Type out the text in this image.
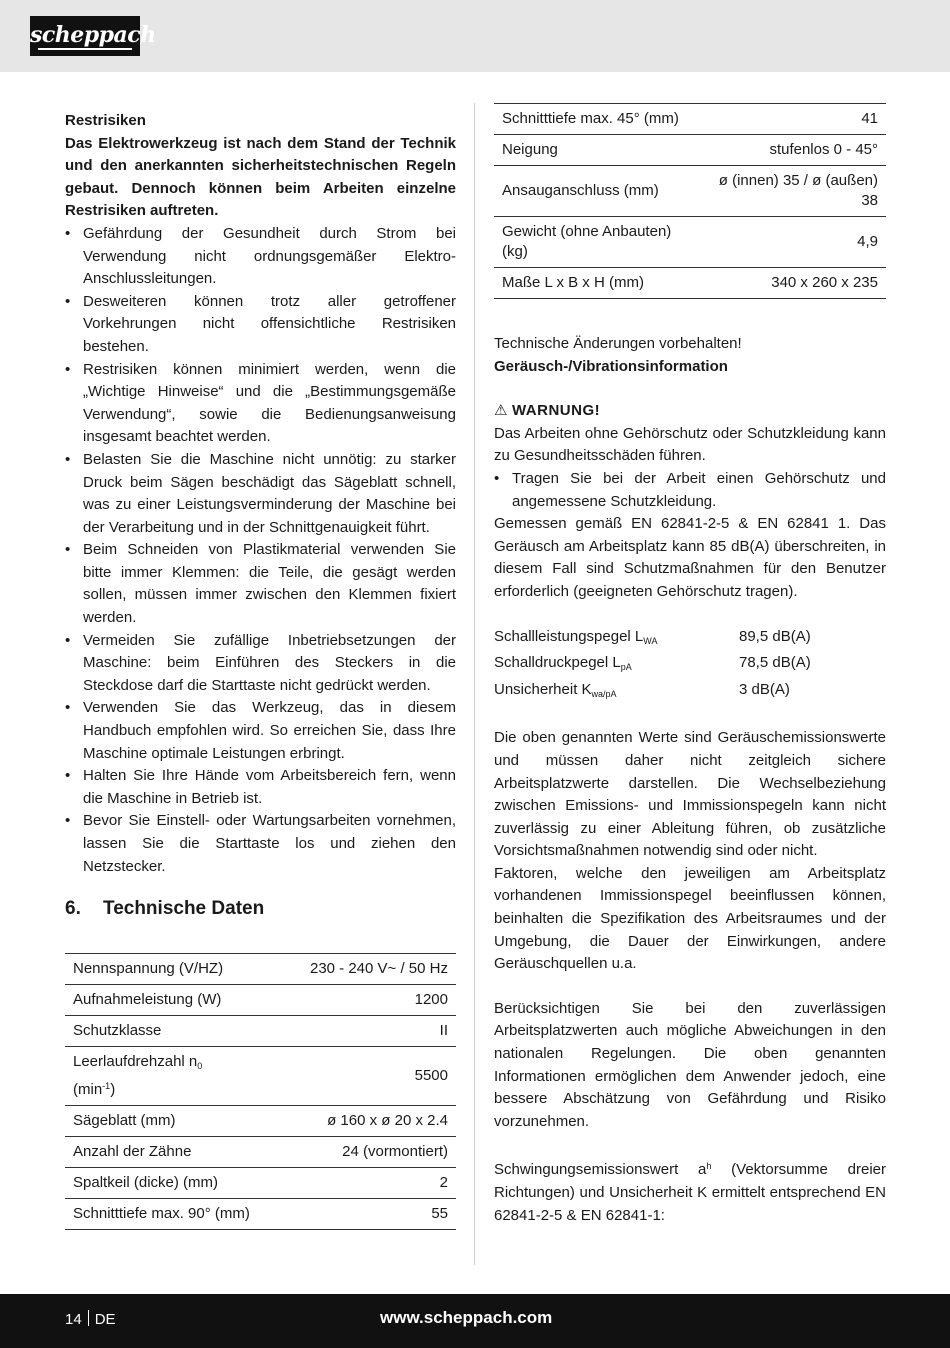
scheppach
Restrisiken
Das Elektrowerkzeug ist nach dem Stand der Technik und den anerkannten sicherheitstechnischen Regeln gebaut. Dennoch können beim Arbeiten einzelne Restrisiken auftreten.
• Gefährdung der Gesundheit durch Strom bei Verwendung nicht ordnungsgemäßer Elektro-Anschlussleitungen.
• Desweiteren können trotz aller getroffener Vorkehrungen nicht offensichtliche Restrisiken bestehen.
• Restrisiken können minimiert werden, wenn die „Wichtige Hinweise“ und die „Bestimmungsgemäße Verwendung“, sowie die Bedienungsanweisung insgesamt beachtet werden.
• Belasten Sie die Maschine nicht unnötig: zu starker Druck beim Sägen beschädigt das Sägeblatt schnell, was zu einer Leistungsverminderung der Maschine bei der Verarbeitung und in der Schnittgenauigkeit führt.
• Beim Schneiden von Plastikmaterial verwenden Sie bitte immer Klemmen: die Teile, die gesägt werden sollen, müssen immer zwischen den Klemmen fixiert werden.
• Vermeiden Sie zufällige Inbetriebsetzungen der Maschine: beim Einführen des Steckers in die Steckdose darf die Starttaste nicht gedrückt werden.
• Verwenden Sie das Werkzeug, das in diesem Handbuch empfohlen wird. So erreichen Sie, dass Ihre Maschine optimale Leistungen erbringt.
• Halten Sie Ihre Hände vom Arbeitsbereich fern, wenn die Maschine in Betrieb ist.
• Bevor Sie Einstell- oder Wartungsarbeiten vornehmen, lassen Sie die Starttaste los und ziehen den Netzstecker.
6.	Technische Daten
Nennspannung (V/HZ)	230 - 240 V~ / 50 Hz
Aufnahmeleistung (W)	1200
Schutzklasse	II
Leerlaufdrehzahl $n_0$
$(\min^{-1})$	5500
Sägeblatt (mm)	ø 160 x ø 20 x 2.4
Anzahl der Zähne	24 (vormontiert)
Spaltkeil (dicke) (mm)	2
Schnitttiefe max. 90° (mm)	55
Schnitttiefe max. 45° (mm)	41
Neigung	stufenlos 0 - 45°
Ansauganschluss (mm)	ø (innen) 35 / ø (außen) 38
Gewicht (ohne Anbauten) (kg)	4,9
Maße L x B x H (mm)	340 x 260 x 235
Technische Änderungen vorbehalten!
Geräusch-/Vibrationsinformation
⚠ WARNUNG!
Das Arbeiten ohne Gehörschutz oder Schutzkleidung kann zu Gesundheitsschäden führen.
• Tragen Sie bei der Arbeit einen Gehörschutz und angemessene Schutzkleidung.
Gemessen gemäß EN 62841-2-5 & EN 62841 1. Das Geräusch am Arbeitsplatz kann 85 dB(A) überschreiten, in diesem Fall sind Schutzmaßnahmen für den Benutzer erforderlich (geeigneten Gehörschutz tragen).
Schallleistungspegel $L_{WA}$	89,5 dB(A)
Schalldruckpegel $L_{pA}$	78,5 dB(A)
Unsicherheit $K_{wa/pA}$	3 dB(A)
Die oben genannten Werte sind Geräuschemissionswerte und müssen daher nicht zeitgleich sichere Arbeitsplatzwerte darstellen. Die Wechselbeziehung zwischen Emissions- und Immissionspegeln kann nicht zuverlässig zu einer Ableitung führen, ob zusätzliche Vorsichtsmaßnahmen notwendig sind oder nicht.
Faktoren, welche den jeweiligen am Arbeitsplatz vorhandenen Immissionspegel beeinflussen können, beinhalten die Spezifikation des Arbeitsraumes und der Umgebung, die Dauer der Einwirkungen, andere Geräuschquellen u.a.
Berücksichtigen Sie bei den zuverlässigen Arbeitsplatzwerten auch mögliche Abweichungen in den nationalen Regelungen. Die oben genannten Informationen ermöglichen dem Anwender jedoch, eine bessere Abschätzung von Gefährdung und Risiko vorzunehmen.
Schwingungsemissionswert $a^h$ (Vektorsumme dreier Richtungen) und Unsicherheit K ermittelt entsprechend EN 62841-2-5 & EN 62841-1:
14 DE	www.scheppach.com
